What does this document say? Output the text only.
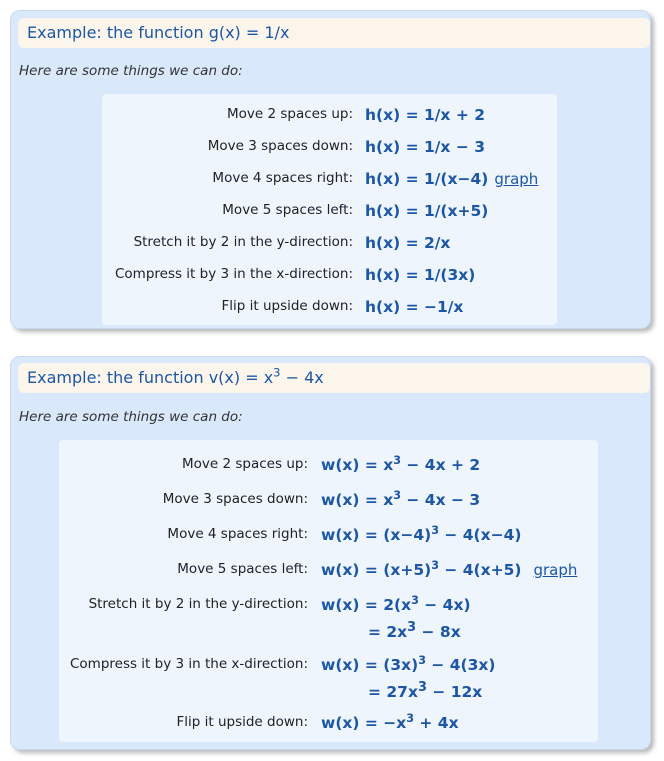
Example: the function g(x) = 1/x
Here are some things we can do:
Move 2 spaces up: h(x) = 1/x + 2
Move 3 spaces down: h(x) = 1/x − 3
Move 4 spaces right: h(x) = 1/(x−4) graph
Move 5 spaces left: h(x) = 1/(x+5)
Stretch it by 2 in the y-direction: h(x) = 2/x
Compress it by 3 in the x-direction: h(x) = 1/(3x)
Flip it upside down: h(x) = −1/x
Example: the function $v(x) = x^3 - 4x$
Here are some things we can do:
Move 2 spaces up: $w(x) = x^3 - 4x + 2$
Move 3 spaces down: $w(x) = x^3 - 4x - 3$
Move 4 spaces right: $w(x) = (x-4)^3 - 4(x-4)$
Move 5 spaces left: $w(x) = (x+5)^3 - 4(x+5)$ graph
Stretch it by 2 in the y-direction: $w(x) = 2(x^3 - 4x)$
= $2x^3 - 8x$
Compress it by 3 in the x-direction: $w(x) = (3x)^3 - 4(3x)$
= $27x^3 - 12x$
Flip it upside down: $w(x) = -x^3 + 4x$
